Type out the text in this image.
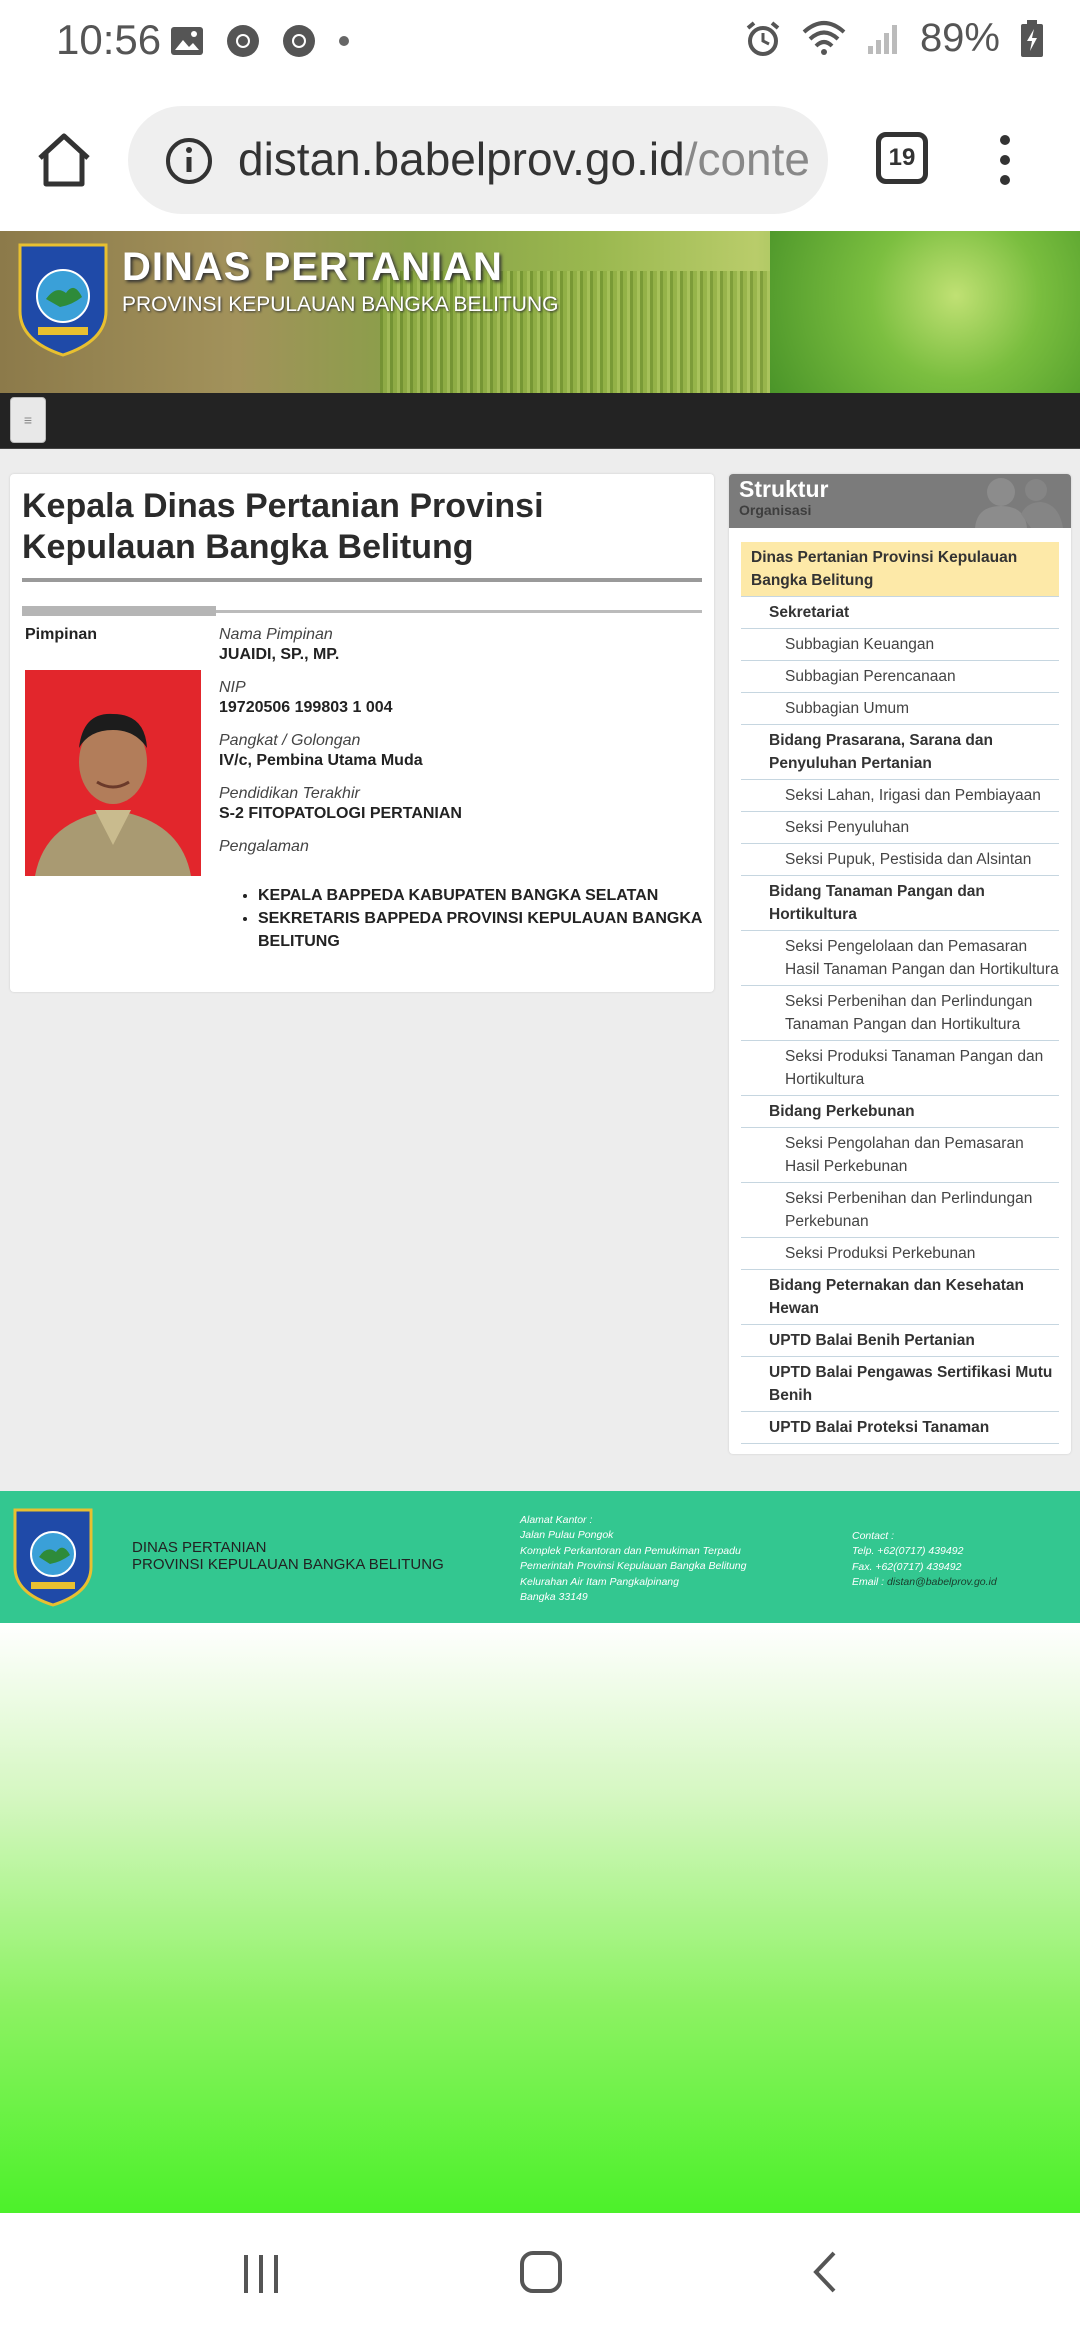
10:56	89%
distan.babelprov.go.id/conte	19
DINAS PERTANIAN
PROVINSI KEPULAUAN BANGKA BELITUNG
≡
Kepala Dinas Pertanian Provinsi Kepulauan Bangka Belitung
Pimpinan	Nama Pimpinan
JUAIDI, SP., MP.
NIP
19720506 199803 1 004
Pangkat / Golongan
IV/c, Pembina Utama Muda
Pendidikan Terakhir
S-2 FITOPATOLOGI PERTANIAN
Pengalaman
• KEPALA BAPPEDA KABUPATEN BANGKA SELATAN
• SEKRETARIS BAPPEDA PROVINSI KEPULAUAN BANGKA BELITUNG
Struktur
Organisasi
Dinas Pertanian Provinsi Kepulauan Bangka Belitung
Sekretariat
Subbagian Keuangan
Subbagian Perencanaan
Subbagian Umum
Bidang Prasarana, Sarana dan Penyuluhan Pertanian
Seksi Lahan, Irigasi dan Pembiayaan
Seksi Penyuluhan
Seksi Pupuk, Pestisida dan Alsintan
Bidang Tanaman Pangan dan Hortikultura
Seksi Pengelolaan dan Pemasaran Hasil Tanaman Pangan dan Hortikultura
Seksi Perbenihan dan Perlindungan Tanaman Pangan dan Hortikultura
Seksi Produksi Tanaman Pangan dan Hortikultura
Bidang Perkebunan
Seksi Pengolahan dan Pemasaran Hasil Perkebunan
Seksi Perbenihan dan Perlindungan Perkebunan
Seksi Produksi Perkebunan
Bidang Peternakan dan Kesehatan Hewan
UPTD Balai Benih Pertanian
UPTD Balai Pengawas Sertifikasi Mutu Benih
UPTD Balai Proteksi Tanaman
DINAS PERTANIAN
PROVINSI KEPULAUAN BANGKA BELITUNG
Alamat Kantor :
Jalan Pulau Pongok
Komplek Perkantoran dan Pemukiman Terpadu
Pemerintah Provinsi Kepulauan Bangka Belitung
Kelurahan Air Itam Pangkalpinang
Bangka 33149
Contact :
Telp. +62(0717) 439492
Fax. +62(0717) 439492
Email : distan@babelprov.go.id
